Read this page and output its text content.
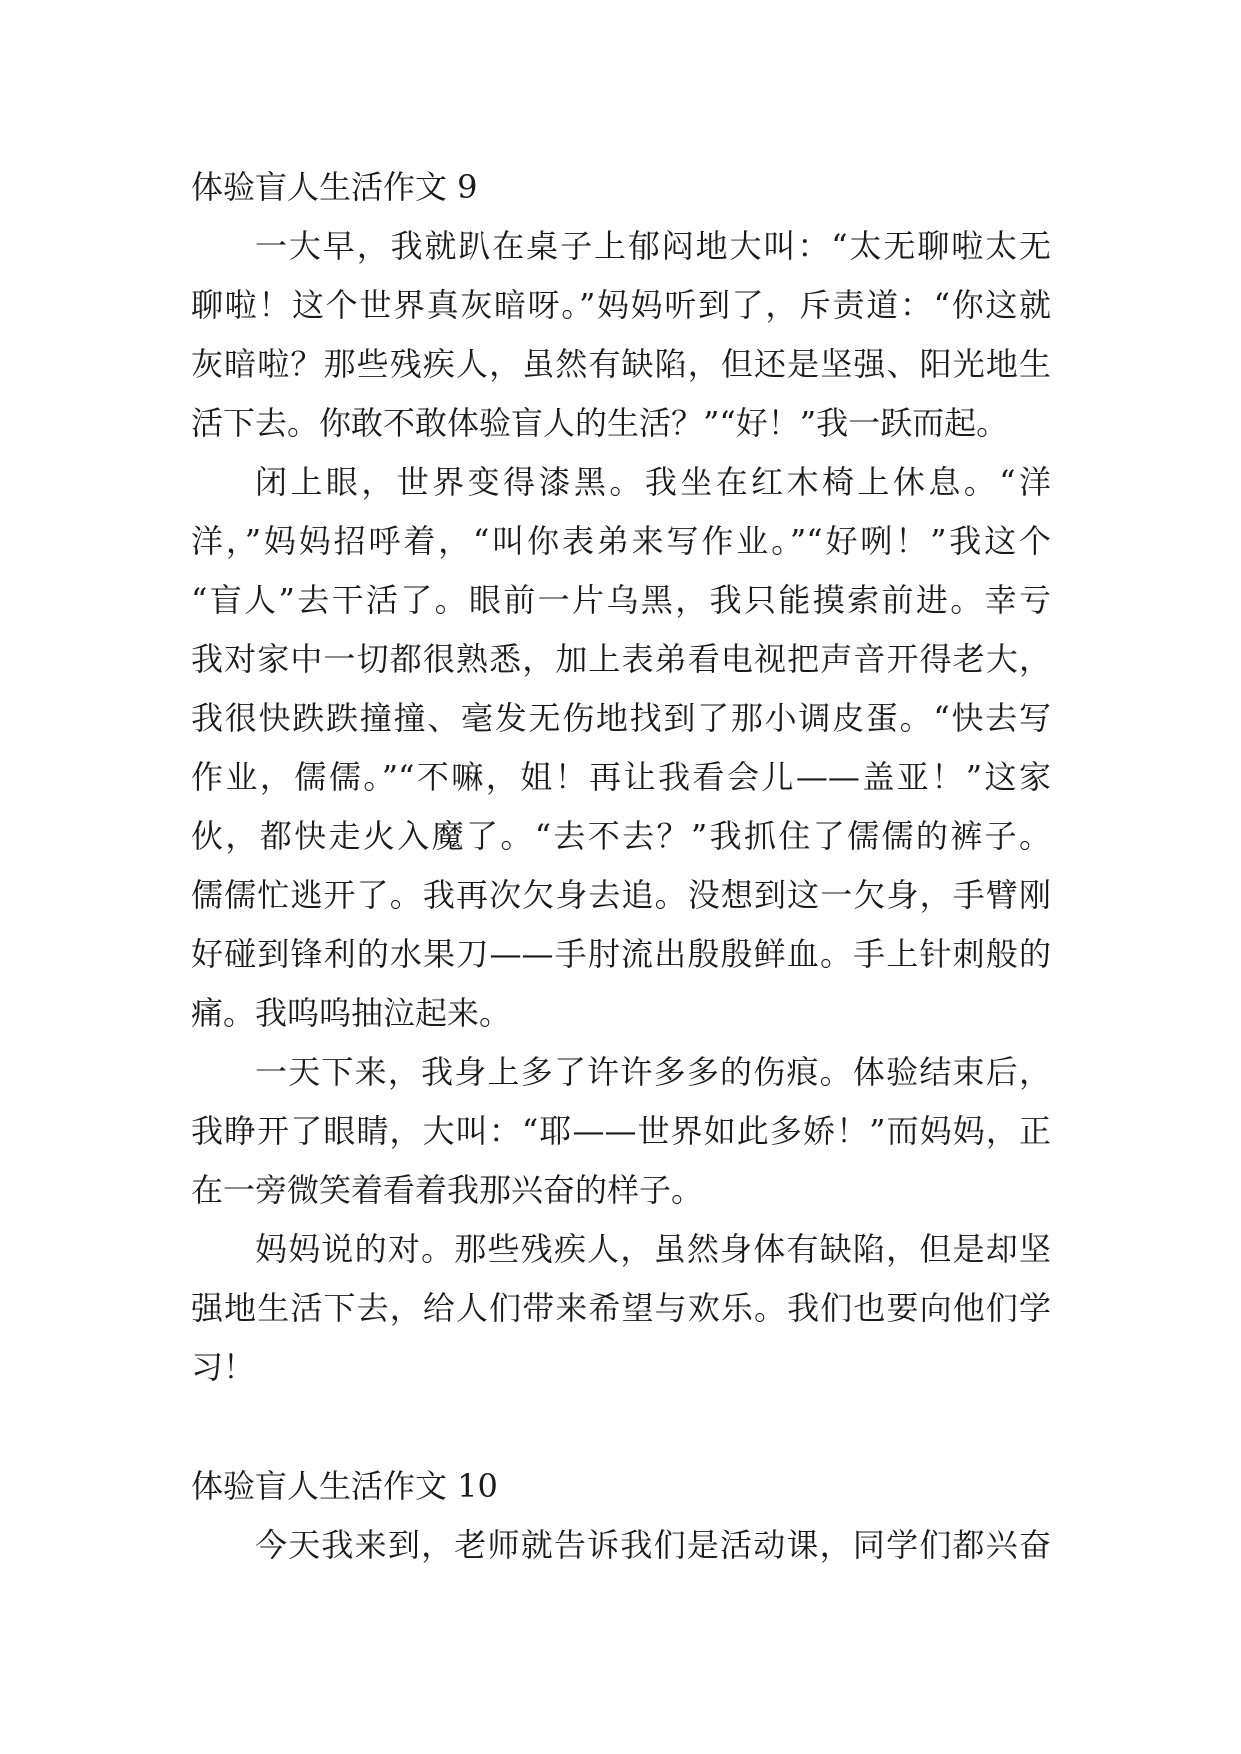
体验盲人生活作文 9
一大早，我就趴在桌子上郁闷地大叫：“太无聊啦太无
聊啦！这个世界真灰暗呀。”妈妈听到了，斥责道：“你这就
灰暗啦？那些残疾人，虽然有缺陷，但还是坚强、阳光地生
活下去。你敢不敢体验盲人的生活？”“好！”我一跃而起。
闭上眼，世界变得漆黑。我坐在红木椅上休息。“洋
洋，”妈妈招呼着，“叫你表弟来写作业。”“好咧！”我这个
“盲人”去干活了。眼前一片乌黑，我只能摸索前进。幸亏
我对家中一切都很熟悉，加上表弟看电视把声音开得老大，
我很快跌跌撞撞、毫发无伤地找到了那小调皮蛋。“快去写
作业，儒儒。”“不嘛，姐！再让我看会儿——盖亚！”这家
伙，都快走火入魔了。“去不去？”我抓住了儒儒的裤子。
儒儒忙逃开了。我再次欠身去追。没想到这一欠身，手臂刚
好碰到锋利的水果刀——手肘流出殷殷鲜血。手上针刺般的
痛。我呜呜抽泣起来。
一天下来，我身上多了许许多多的伤痕。体验结束后，
我睁开了眼睛，大叫：“耶——世界如此多娇！”而妈妈，正
在一旁微笑着看着我那兴奋的样子。
妈妈说的对。那些残疾人，虽然身体有缺陷，但是却坚
强地生活下去，给人们带来希望与欢乐。我们也要向他们学
习！
体验盲人生活作文 10
今天我来到，老师就告诉我们是活动课，同学们都兴奋
